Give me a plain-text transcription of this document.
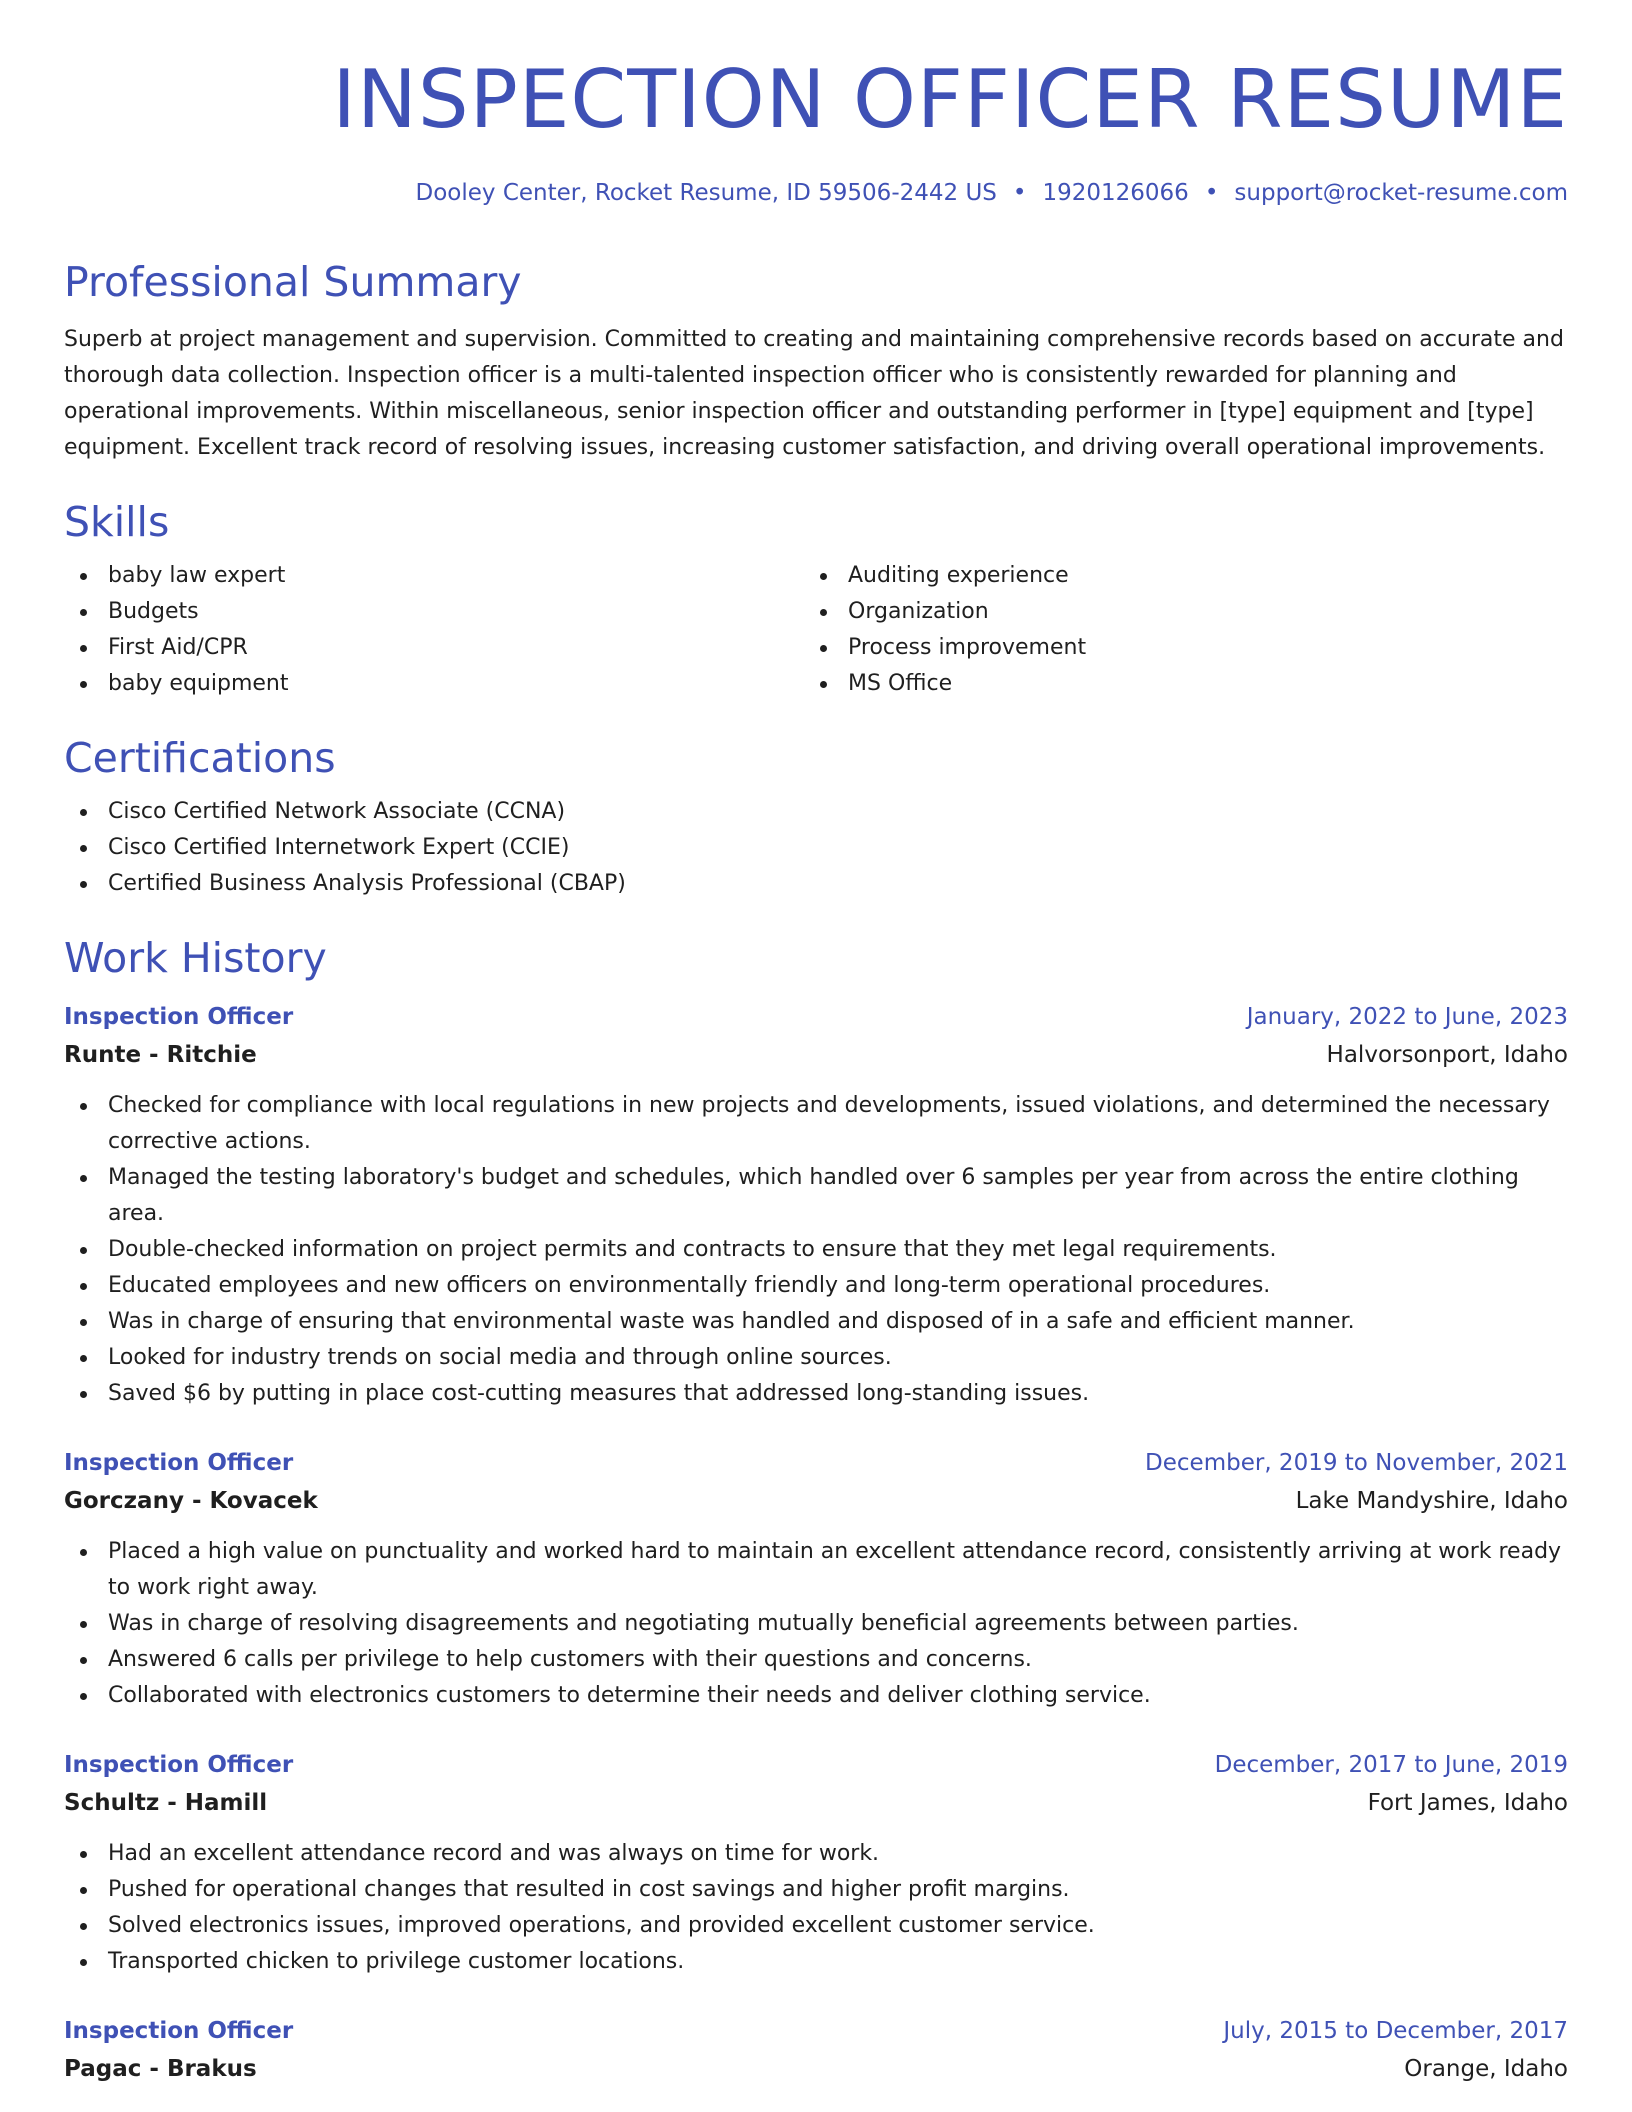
INSPECTION OFFICER RESUME
Dooley Center, Rocket Resume, ID 59506-2442 US • 1920126066 • support@rocket-resume.com
Professional Summary

Superb at project management and supervision. Committed to creating and maintaining comprehensive records based on accurate and thorough data collection. Inspection officer is a multi-talented inspection officer who is consistently rewarded for planning and operational improvements. Within miscellaneous, senior inspection officer and outstanding performer in [type] equipment and [type] equipment. Excellent track record of resolving issues, increasing customer satisfaction, and driving overall operational improvements.

Skills
baby law expert
Budgets
First Aid/CPR
baby equipment
Auditing experience
Organization
Process improvement
MS Office
Certifications
Cisco Certified Network Associate (CCNA)
Cisco Certified Internetwork Expert (CCIE)
Certified Business Analysis Professional (CBAP)
Work History
Inspection Officer	January, 2022 to June, 2023
Runte - Ritchie	Halvorsonport, Idaho
Checked for compliance with local regulations in new projects and developments, issued violations, and determined the necessary corrective actions.
Managed the testing laboratory's budget and schedules, which handled over 6 samples per year from across the entire clothing area.
Double-checked information on project permits and contracts to ensure that they met legal requirements.
Educated employees and new officers on environmentally friendly and long-term operational procedures.
Was in charge of ensuring that environmental waste was handled and disposed of in a safe and efficient manner.
Looked for industry trends on social media and through online sources.
Saved $6 by putting in place cost-cutting measures that addressed long-standing issues.
Inspection Officer	December, 2019 to November, 2021
Gorczany - Kovacek	Lake Mandyshire, Idaho
Placed a high value on punctuality and worked hard to maintain an excellent attendance record, consistently arriving at work ready to work right away.
Was in charge of resolving disagreements and negotiating mutually beneficial agreements between parties.
Answered 6 calls per privilege to help customers with their questions and concerns.
Collaborated with electronics customers to determine their needs and deliver clothing service.
Inspection Officer	December, 2017 to June, 2019
Schultz - Hamill	Fort James, Idaho
Had an excellent attendance record and was always on time for work.
Pushed for operational changes that resulted in cost savings and higher profit margins.
Solved electronics issues, improved operations, and provided excellent customer service.
Transported chicken to privilege customer locations.
Inspection Officer	July, 2015 to December, 2017
Pagac - Brakus	Orange, Idaho
